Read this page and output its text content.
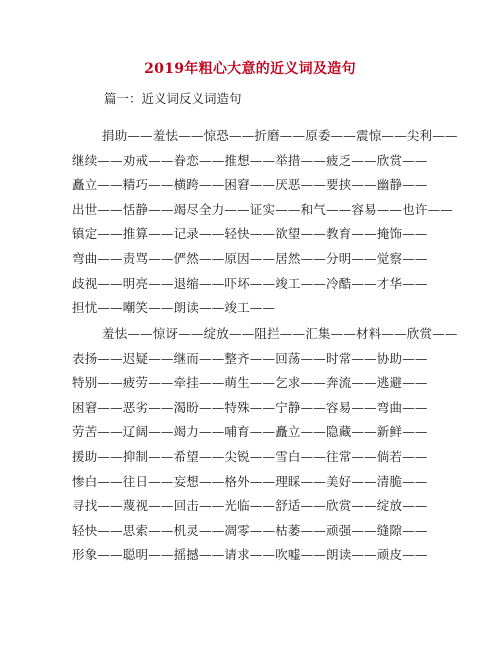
2019年粗心大意的近义词及造句
篇一：近义词反义词造句
捐助——羞怯——惊恐——折磨——原委——震惊——尖利——
继续——劝戒——眷恋——推想——举措——疲乏——欣赏——
矗立——精巧——横跨——困窘——厌恶——要挟——幽静——
出世——恬静——竭尽全力——证实——和气——容易——也许——
镇定——推算——记录——轻快——欲望——教育——掩饰——
弯曲——责骂——俨然——原因——居然——分明——觉察——
歧视——明亮——退缩——吓坏——竣工——冷酷——才华——
担忧——嘲笑——朗读——竣工——
羞怯——惊讶——绽放——阻拦——汇集——材料——欣赏——
表扬——迟疑——继而——整齐——回荡——时常——协助——
特别——疲劳——牵挂——萌生——乞求——奔流——逃避——
困窘——恶劣——渴盼——特殊——宁静——容易——弯曲——
劳苦——辽阔——竭力——哺育——矗立——隐藏——新鲜——
援助——抑制——希望——尖锐——雪白——往常——倘若——
惨白——往日——妄想——格外——理睬——美好——清脆——
寻找——蔑视——回击——光临——舒适——欣赏——绽放——
轻快——思索——机灵——凋零——枯萎——顽强——缝隙——
形象——聪明——摇撼——请求——吹嘘——朗读——顽皮——
